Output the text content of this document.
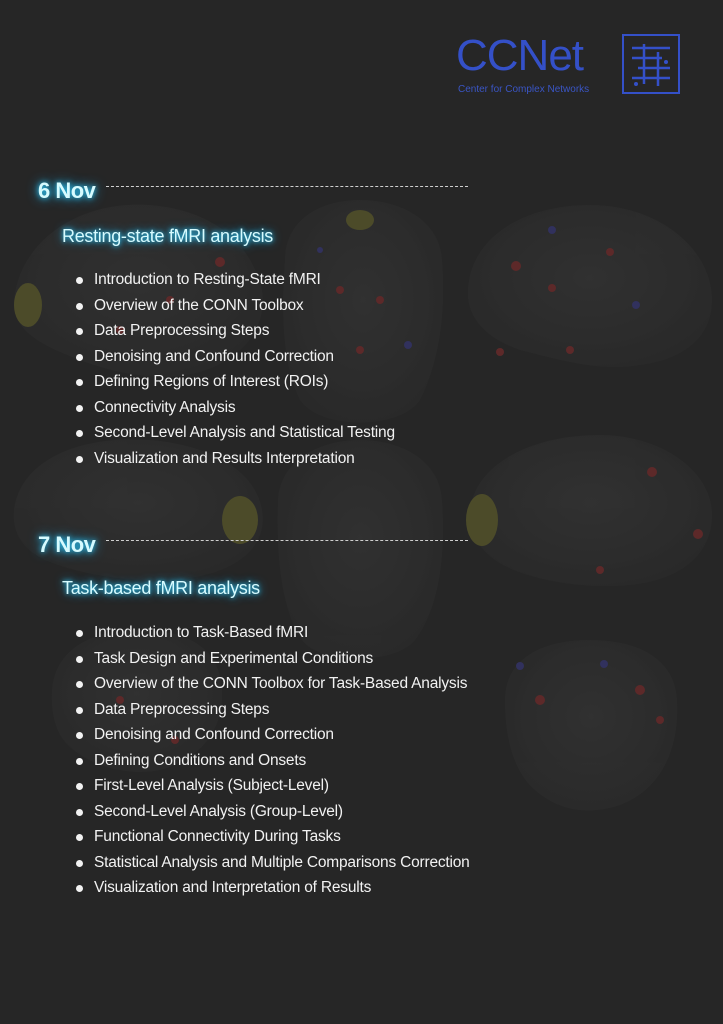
CCNet
Center for Complex Networks
6 Nov
Resting-state fMRI analysis
Introduction to Resting-State fMRI
Overview of the CONN Toolbox
Data Preprocessing Steps
Denoising and Confound Correction
Defining Regions of Interest (ROIs)
Connectivity Analysis
Second-Level Analysis and Statistical Testing
Visualization and Results Interpretation
7 Nov
Task-based fMRI analysis
Introduction to Task-Based fMRI
Task Design and Experimental Conditions
Overview of the CONN Toolbox for Task-Based Analysis
Data Preprocessing Steps
Denoising and Confound Correction
Defining Conditions and Onsets
First-Level Analysis (Subject-Level)
Second-Level Analysis (Group-Level)
Functional Connectivity During Tasks
Statistical Analysis and Multiple Comparisons Correction
Visualization and Interpretation of Results
